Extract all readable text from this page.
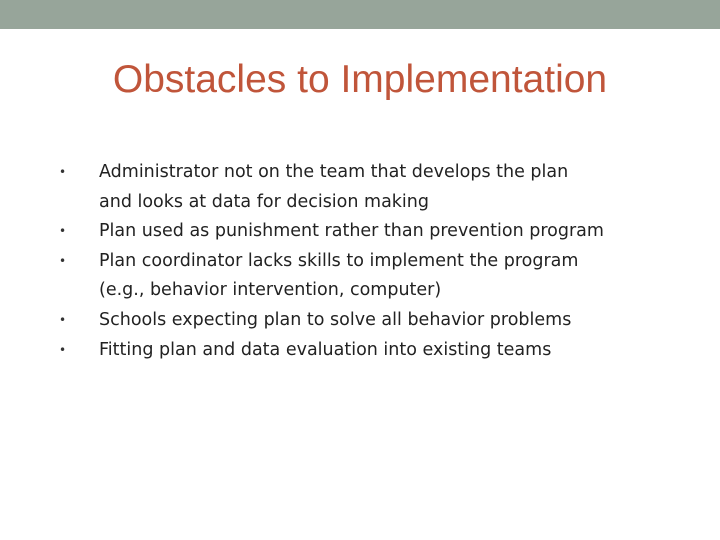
Obstacles to Implementation
• Administrator not on the team that develops the plan
and looks at data for decision making
• Plan used as punishment rather than prevention program
• Plan coordinator lacks skills to implement the program
(e.g., behavior intervention, computer)
• Schools expecting plan to solve all behavior problems
• Fitting plan and data evaluation into existing teams
